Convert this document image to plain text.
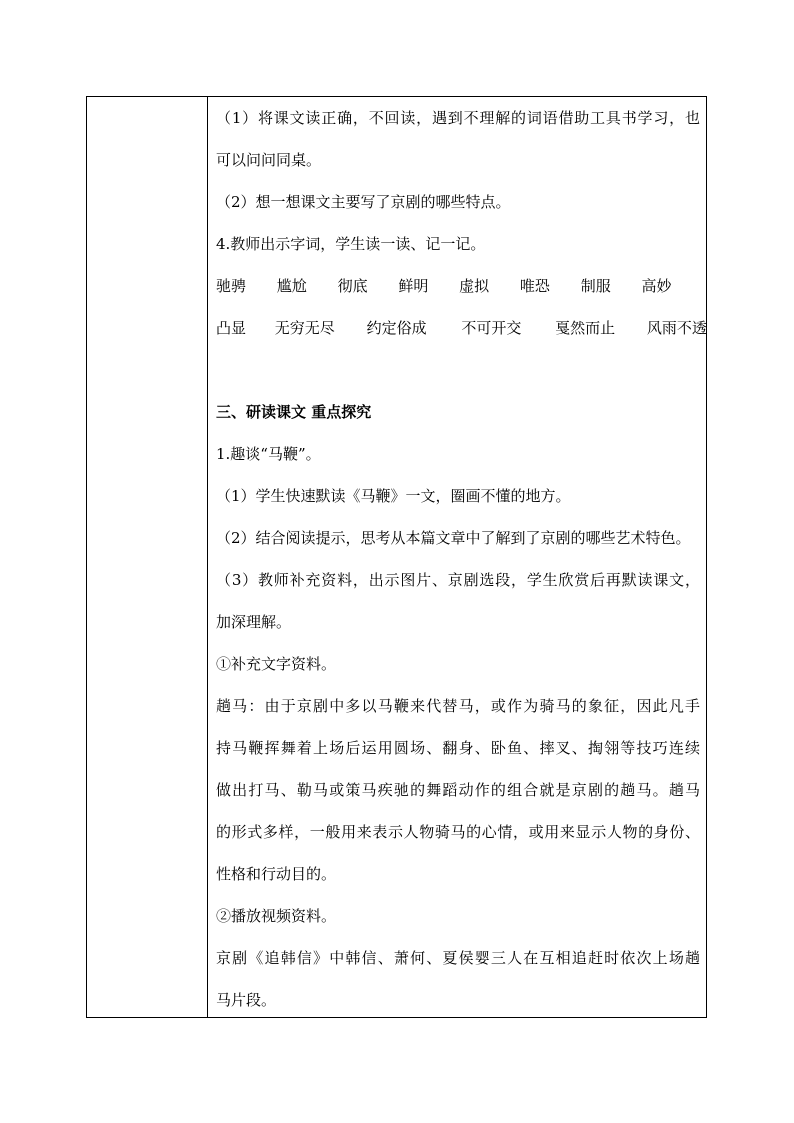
（1）将课文读正确，不回读，遇到不理解的词语借助工具书学习，也
可以问问同桌。
（2）想一想课文主要写了京剧的哪些特点。
4.教师出示字词，学生读一读、记一记。
驰骋 尴尬 彻底 鲜明 虚拟 唯恐 制服 高妙
凸显 无穷无尽 约定俗成 不可开交 戛然而止 风雨不透
三、研读课文 重点探究
1.趣谈“马鞭”。
（1）学生快速默读《马鞭》一文，圈画不懂的地方。
（2）结合阅读提示，思考从本篇文章中了解到了京剧的哪些艺术特色。
（3）教师补充资料，出示图片、京剧选段，学生欣赏后再默读课文，
加深理解。
①补充文字资料。
趟马：由于京剧中多以马鞭来代替马，或作为骑马的象征，因此凡手
持马鞭挥舞着上场后运用圆场、翻身、卧鱼、摔叉、掏翎等技巧连续
做出打马、勒马或策马疾驰的舞蹈动作的组合就是京剧的趟马。趟马
的形式多样，一般用来表示人物骑马的心情，或用来显示人物的身份、
性格和行动目的。
②播放视频资料。
京剧《追韩信》中韩信、萧何、夏侯婴三人在互相追赶时依次上场趟
马片段。
